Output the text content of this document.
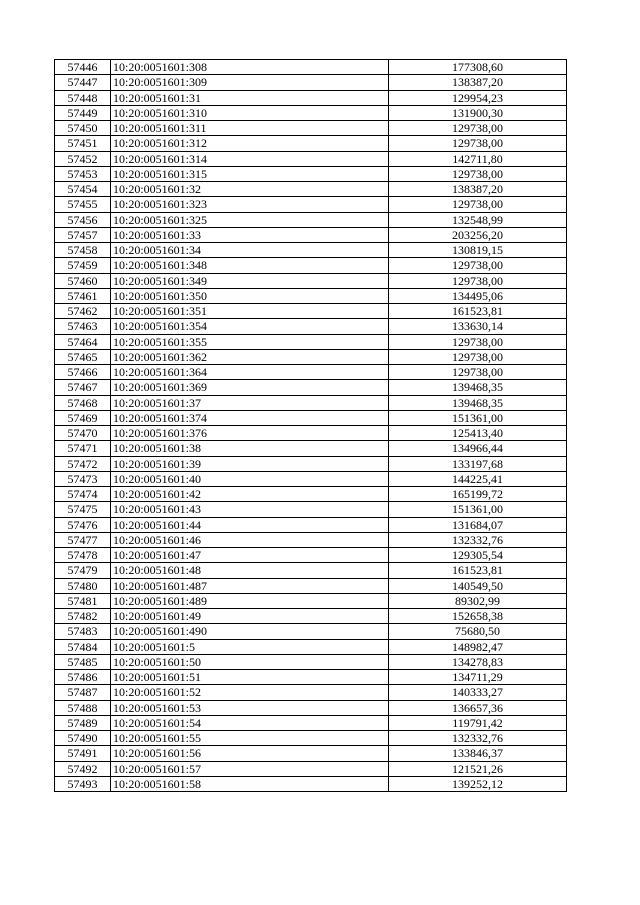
57446	10:20:0051601:308	177308,60
57447	10:20:0051601:309	138387,20
57448	10:20:0051601:31	129954,23
57449	10:20:0051601:310	131900,30
57450	10:20:0051601:311	129738,00
57451	10:20:0051601:312	129738,00
57452	10:20:0051601:314	142711,80
57453	10:20:0051601:315	129738,00
57454	10:20:0051601:32	138387,20
57455	10:20:0051601:323	129738,00
57456	10:20:0051601:325	132548,99
57457	10:20:0051601:33	203256,20
57458	10:20:0051601:34	130819,15
57459	10:20:0051601:348	129738,00
57460	10:20:0051601:349	129738,00
57461	10:20:0051601:350	134495,06
57462	10:20:0051601:351	161523,81
57463	10:20:0051601:354	133630,14
57464	10:20:0051601:355	129738,00
57465	10:20:0051601:362	129738,00
57466	10:20:0051601:364	129738,00
57467	10:20:0051601:369	139468,35
57468	10:20:0051601:37	139468,35
57469	10:20:0051601:374	151361,00
57470	10:20:0051601:376	125413,40
57471	10:20:0051601:38	134966,44
57472	10:20:0051601:39	133197,68
57473	10:20:0051601:40	144225,41
57474	10:20:0051601:42	165199,72
57475	10:20:0051601:43	151361,00
57476	10:20:0051601:44	131684,07
57477	10:20:0051601:46	132332,76
57478	10:20:0051601:47	129305,54
57479	10:20:0051601:48	161523,81
57480	10:20:0051601:487	140549,50
57481	10:20:0051601:489	89302,99
57482	10:20:0051601:49	152658,38
57483	10:20:0051601:490	75680,50
57484	10:20:0051601:5	148982,47
57485	10:20:0051601:50	134278,83
57486	10:20:0051601:51	134711,29
57487	10:20:0051601:52	140333,27
57488	10:20:0051601:53	136657,36
57489	10:20:0051601:54	119791,42
57490	10:20:0051601:55	132332,76
57491	10:20:0051601:56	133846,37
57492	10:20:0051601:57	121521,26
57493	10:20:0051601:58	139252,12
